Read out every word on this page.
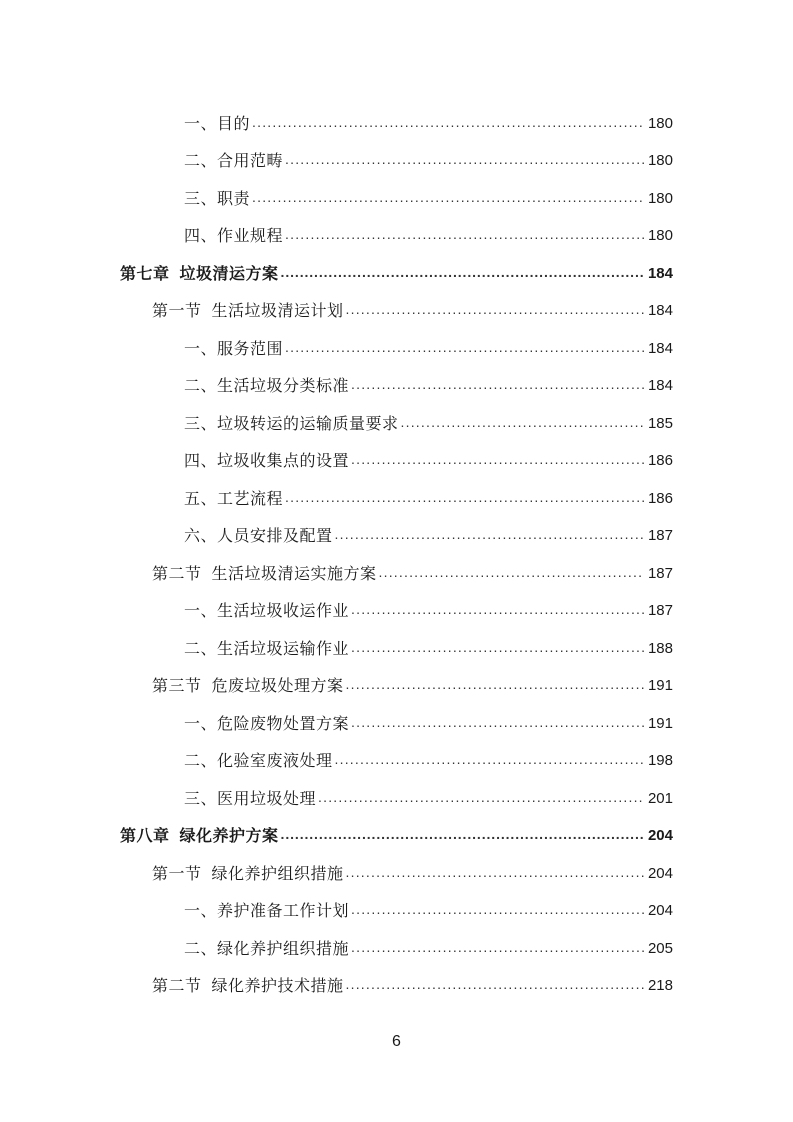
一、目的 .....	180
二、合用范畴 .....	180
三、职责 .....	180
四、作业规程 .....	180
第七章 垃圾清运方案 .....	184
第一节 生活垃圾清运计划 .....	184
一、服务范围 .....	184
二、生活垃圾分类标准 .....	184
三、垃圾转运的运输质量要求 .....	185
四、垃圾收集点的设置 .....	186
五、工艺流程 .....	186
六、人员安排及配置 .....	187
第二节 生活垃圾清运实施方案 .....	187
一、生活垃圾收运作业 .....	187
二、生活垃圾运输作业 .....	188
第三节 危废垃圾处理方案 .....	191
一、危险废物处置方案 .....	191
二、化验室废液处理 .....	198
三、医用垃圾处理 .....	201
第八章 绿化养护方案 .....	204
第一节 绿化养护组织措施 .....	204
一、养护准备工作计划 .....	204
二、绿化养护组织措施 .....	205
第二节 绿化养护技术措施 .....	218
6
